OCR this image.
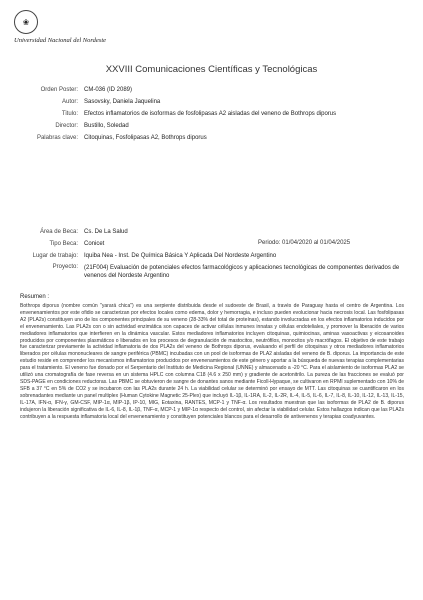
❀
Universidad Nacional del Nordeste
XXVIII Comunicaciones Científicas y Tecnológicas
Orden Poster: CM-036 (ID 2089)
Autor: Sasovsky, Daniela Jaquelina
Titulo: Efectos inflamatorios de isoformas de fosfolipasas A2 aisladas del veneno de Bothrops diporus
Director: Bustillo, Soledad
Palabras clave: Citoquinas, Fosfolipasas A2, Bothrops diporus
Área de Beca: Cs. De La Salud
Tipo Beca: Conicet	Periodo: 01/04/2020 al 01/04/2025
Lugar de trabajo: Iquiba Nea - Inst. De Química Básica Y Aplicada Del Nordeste Argentino
Proyecto: (21F004) Evaluación de potenciales efectos farmacológicos y aplicaciones tecnológicas de componentes derivados de venenos del Nordeste Argentino
Resumen :
Bothrops diporus (nombre común "yarará chica") es una serpiente distribuida desde el sudoeste de Brasil, a través de Paraguay hasta el centro de Argentina. Los envenenamientos por este ofidio se caracterizan por efectos locales como edema, dolor y hemorragia, e incluso pueden evolucionar hacia necrosis local. Las fosfolipasas A2 (PLA2s) constituyen uno de los componentes principales de su veneno (28-33% del total de proteínas), estando involucradas en los efectos inflamatorios inducidos por el envenenamiento. Las PLA2s con o sin actividad enzimática son capaces de activar células inmunes innatas y células endoteliales, y promover la liberación de varios mediadores inflamatorios que interfieren en la dinámica vascular. Estos mediadores inflamatorios incluyen citoquinas, quimiocinas, aminas vasoactivas y eicosanoides producidos por componentes plasmáticos o liberados en los procesos de degranulación de mastocitos, neutrófilos, monocitos y/o macrófagos. El objetivo de este trabajo fue caracterizar previamente la actividad inflamatoria de dos PLA2s del veneno de Bothrops diporus, evaluando el perfil de citoquinas y otros mediadores inflamatorios liberados por células mononucleares de sangre periférica (PBMC) incubadas con un pool de isoformas de PLA2 aisladas del veneno de B. diporus. La importancia de este estudio reside en comprender los mecanismos inflamatorios producidos por envenenamientos de este género y aportar a la búsqueda de nuevas terapias complementarias para el tratamiento. El veneno fue donado por el Serpentario del Instituto de Medicina Regional (UNNE) y almacenado a -20 °C. Para el aislamiento de isoformas PLA2 se utilizó una cromatografía de fase reversa en un sistema HPLC con columna C18 (4.6 x 250 mm) y gradiente de acetonitrilo. La pureza de las fracciones se evaluó por SDS-PAGE en condiciones reductoras. Las PBMC se obtuvieron de sangre de donantes sanos mediante Ficoll-Hypaque, se cultivaron en RPMI suplementado con 10% de SFB a 37 °C en 5% de CO2 y se incubaron con las PLA2s durante 24 h. La viabilidad celular se determinó por ensayo de MTT. Las citoquinas se cuantificaron en los sobrenadantes mediante un panel multiplex (Human Cytokine Magnetic 25-Plex) que incluyó IL-1β, IL-1RA, IL-2, IL-2R, IL-4, IL-5, IL-6, IL-7, IL-8, IL-10, IL-12, IL-13, IL-15, IL-17A, IFN-α, IFN-γ, GM-CSF, MIP-1α, MIP-1β, IP-10, MIG, Eotaxina, RANTES, MCP-1 y TNF-α. Los resultados muestran que las isoformas de PLA2 de B. diporus indujeron la liberación significativa de IL-6, IL-8, IL-1β, TNF-α, MCP-1 y MIP-1α respecto del control, sin afectar la viabilidad celular. Estos hallazgos indican que las PLA2s contribuyen a la respuesta inflamatoria local del envenenamiento y constituyen potenciales blancos para el desarrollo de antivenenos y terapias coadyuvantes.
